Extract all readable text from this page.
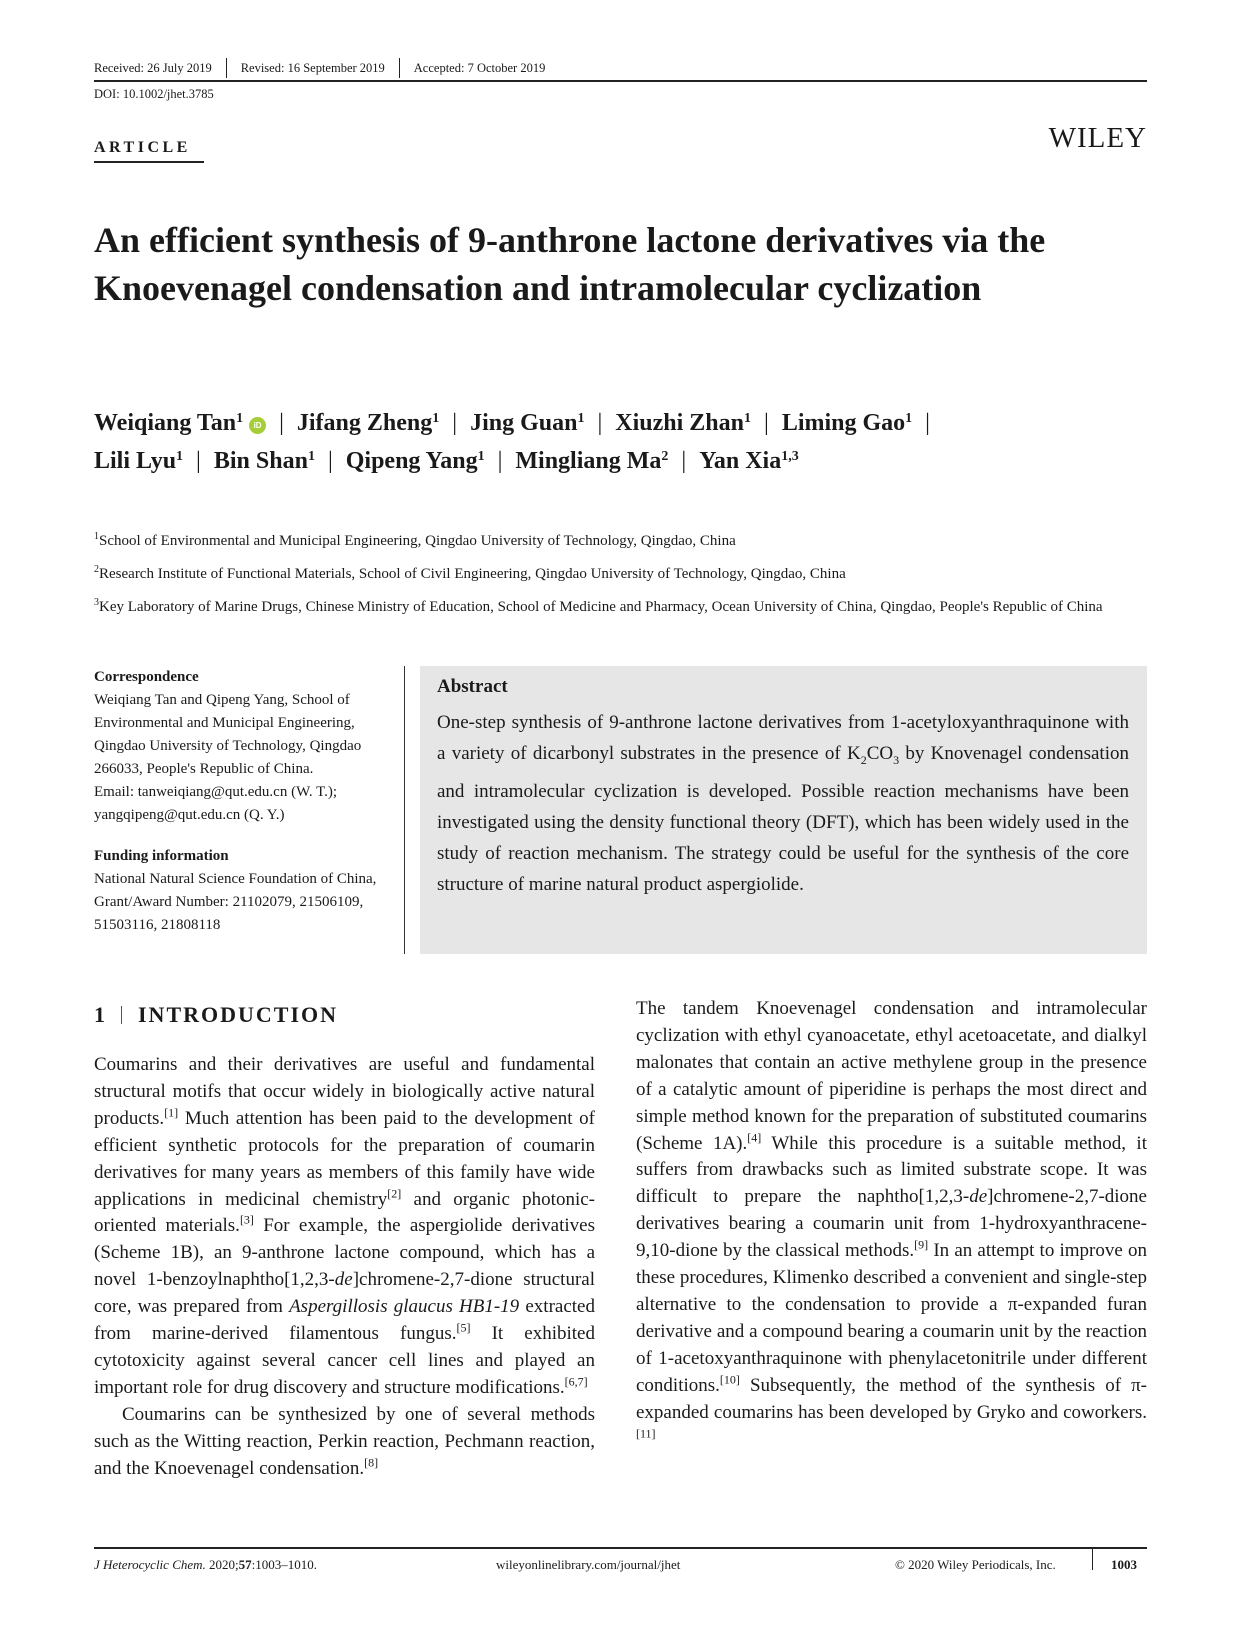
Received: 26 July 2019 Revised: 16 September 2019 Accepted: 7 October 2019
DOI: 10.1002/jhet.3785
ARTICLE	WILEY
An efficient synthesis of 9-anthrone lactone derivatives via the Knoevenagel condensation and intramolecular cyclization
Weiqiang Tan$^1$ iD | Jifang Zheng$^1$ | Jing Guan$^1$ | Xiuzhi Zhan$^1$ | Liming Gao$^1$ |
Lili Lyu$^1$ | Bin Shan$^1$ | Qipeng Yang$^1$ | Mingliang Ma$^2$ | Yan Xia$^{1,3}$
$^1$School of Environmental and Municipal Engineering, Qingdao University of Technology, Qingdao, China
$^2$Research Institute of Functional Materials, School of Civil Engineering, Qingdao University of Technology, Qingdao, China
$^3$Key Laboratory of Marine Drugs, Chinese Ministry of Education, School of Medicine and Pharmacy, Ocean University of China, Qingdao, People's Republic of China
Correspondence
Weiqiang Tan and Qipeng Yang, School of Environmental and Municipal Engineering, Qingdao University of Technology, Qingdao 266033, People's Republic of China.
Email: tanweiqiang@qut.edu.cn (W. T.); yangqipeng@qut.edu.cn (Q. Y.)
Funding information
National Natural Science Foundation of China, Grant/Award Number: 21102079, 21506109, 51503116, 21808118
Abstract
One-step synthesis of 9-anthrone lactone derivatives from 1-acetyloxyanthraquinone with a variety of dicarbonyl substrates in the presence of $K_2CO_3$ by Knovenagel condensation and intramolecular cyclization is developed. Possible reaction mechanisms have been investigated using the density functional theory (DFT), which has been widely used in the study of reaction mechanism. The strategy could be useful for the synthesis of the core structure of marine natural product aspergiolide.
1 INTRODUCTION

Coumarins and their derivatives are useful and fundamental structural motifs that occur widely in biologically active natural products.[1] Much attention has been paid to the development of efficient synthetic protocols for the preparation of coumarin derivatives for many years as members of this family have wide applications in medicinal chemistry[2] and organic photonic-oriented materials.[3] For example, the aspergiolide derivatives (Scheme 1B), an 9-anthrone lactone compound, which has a novel 1-benzoylnaphtho[1,2,3-de]chromene-2,7-dione structural core, was prepared from Aspergillosis glaucus HB1-19 extracted from marine-derived filamentous fungus.[5] It exhibited cytotoxicity against several cancer cell lines and played an important role for drug discovery and structure modifications.[6,7]

Coumarins can be synthesized by one of several methods such as the Witting reaction, Perkin reaction, Pechmann reaction, and the Knoevenagel condensation.[8]

The tandem Knoevenagel condensation and intramolecular cyclization with ethyl cyanoacetate, ethyl acetoacetate, and dialkyl malonates that contain an active methylene group in the presence of a catalytic amount of piperidine is perhaps the most direct and simple method known for the preparation of substituted coumarins (Scheme 1A).[4] While this procedure is a suitable method, it suffers from drawbacks such as limited substrate scope. It was difficult to prepare the naphtho[1,2,3-de]chromene-2,7-dione derivatives bearing a coumarin unit from 1-hydroxyanthracene-9,10-dione by the classical methods.[9] In an attempt to improve on these procedures, Klimenko described a convenient and single-step alternative to the condensation to provide a π-expanded furan derivative and a compound bearing a coumarin unit by the reaction of 1-acetoxyanthraquinone with phenylacetonitrile under different conditions.[10] Subsequently, the method of the synthesis of π-expanded coumarins has been developed by Gryko and coworkers.[11]

J Heterocyclic Chem. 2020;57:1003–1010.	wileyonlinelibrary.com/journal/jhet	© 2020 Wiley Periodicals, Inc.	1003
